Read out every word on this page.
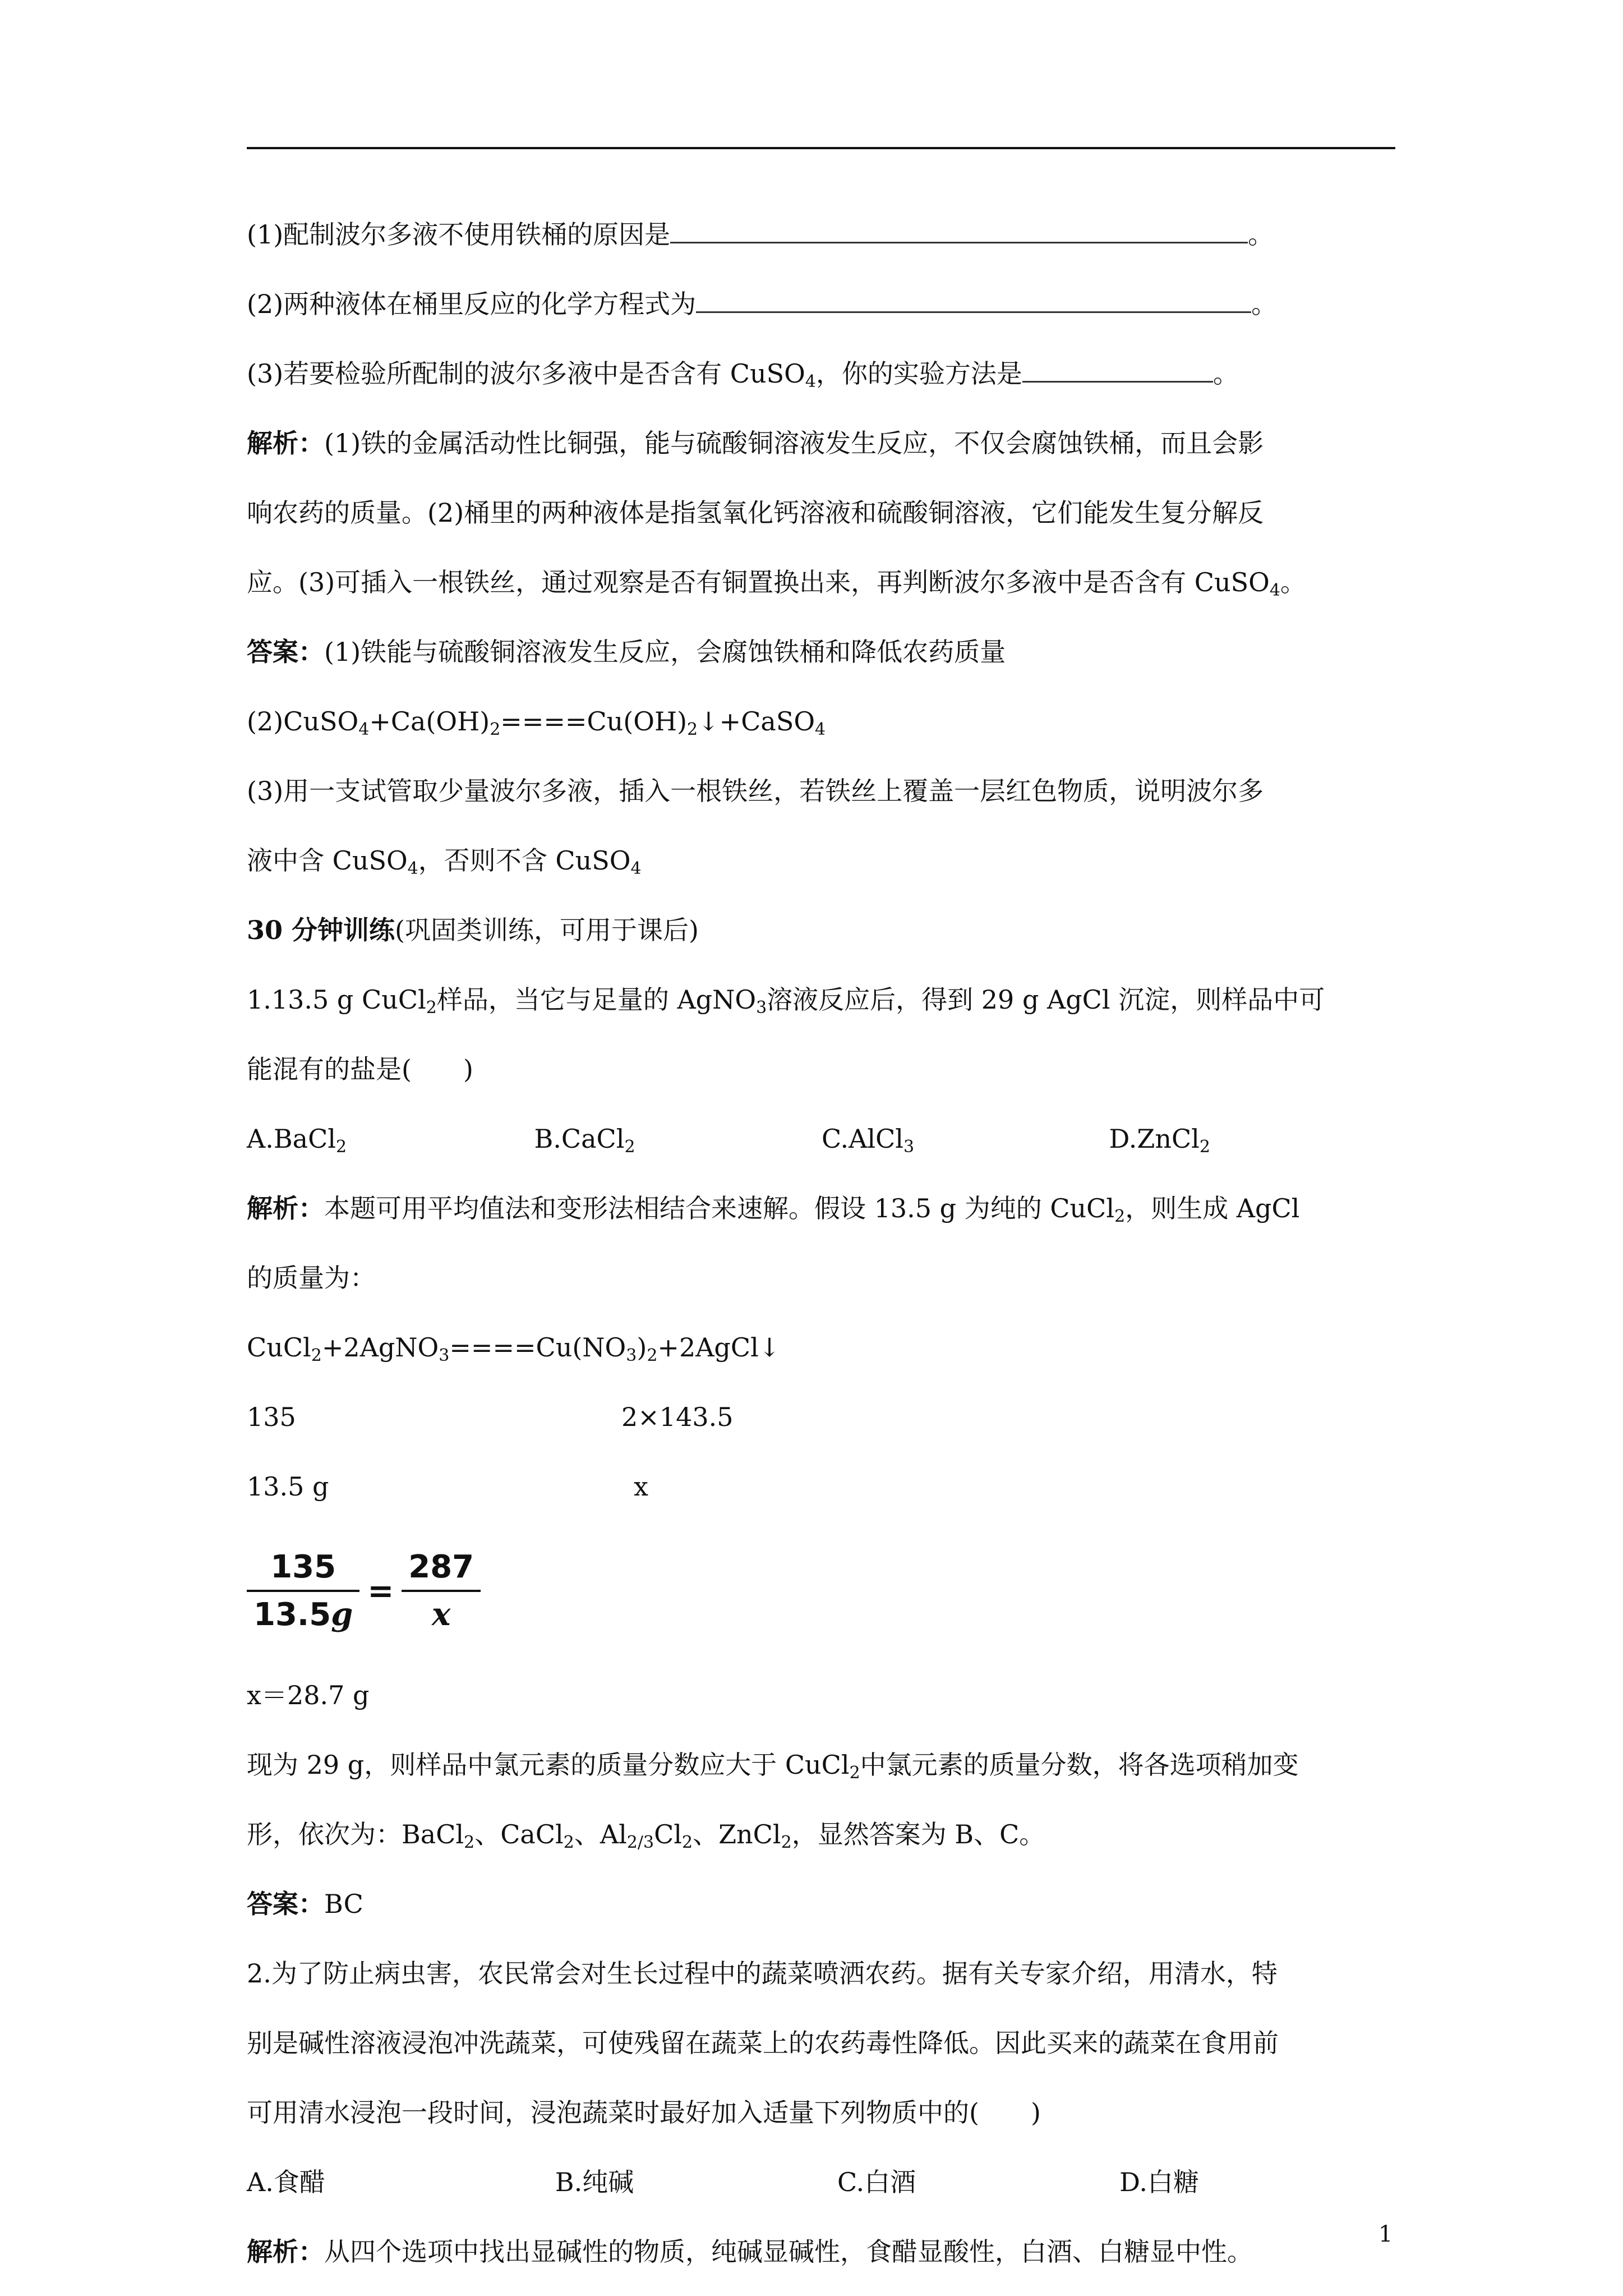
(1)配制波尔多液不使用铁桶的原因是	。
(2)两种液体在桶里反应的化学方程式为	。
(3)若要检验所配制的波尔多液中是否含有 CuSO$_4$，你的实验方法是	。
解析：(1)铁的金属活动性比铜强，能与硫酸铜溶液发生反应，不仅会腐蚀铁桶，而且会影
响农药的质量。(2)桶里的两种液体是指氢氧化钙溶液和硫酸铜溶液，它们能发生复分解反
应。(3)可插入一根铁丝，通过观察是否有铜置换出来，再判断波尔多液中是否含有 CuSO$_4$。
答案：(1)铁能与硫酸铜溶液发生反应，会腐蚀铁桶和降低农药质量
$(2)CuSO_4+Ca(OH)_2====Cu(OH)_2↓+CaSO_4$
(3)用一支试管取少量波尔多液，插入一根铁丝，若铁丝上覆盖一层红色物质，说明波尔多
液中含 CuSO$_4$，否则不含 CuSO$_4$
30 分钟训练(巩固类训练，可用于课后)
1.13.5 g CuCl$_2$样品，当它与足量的 AgNO$_3$溶液反应后，得到 29 g AgCl 沉淀，则样品中可
能混有的盐是(　　)
A.BaCl$_2$	B.CaCl$_2$	C.AlCl$_3$	D.ZnCl$_2$
解析：本题可用平均值法和变形法相结合来速解。假设 13.5 g 为纯的 CuCl$_2$，则生成 AgCl
的质量为：
$CuCl_2+2AgNO_3====Cu(NO_3)_2+2AgCl↓$
135	2×143.5
13.5 g	x
$\frac{135}{13.5g} = \frac{287}{x}$
x＝28.7 g
现为 29 g，则样品中氯元素的质量分数应大于 CuCl$_2$中氯元素的质量分数，将各选项稍加变
形，依次为：BaCl$_2$、CaCl$_2$、$Al_{2/3}Cl_2$、ZnCl$_2$，显然答案为 B、C。
答案：BC
2.为了防止病虫害，农民常会对生长过程中的蔬菜喷洒农药。据有关专家介绍，用清水，特
别是碱性溶液浸泡冲洗蔬菜，可使残留在蔬菜上的农药毒性降低。因此买来的蔬菜在食用前
可用清水浸泡一段时间，浸泡蔬菜时最好加入适量下列物质中的(　　)
A.食醋	B.纯碱	C.白酒	D.白糖
解析：从四个选项中找出显碱性的物质，纯碱显碱性，食醋显酸性，白酒、白糖显中性。
1
